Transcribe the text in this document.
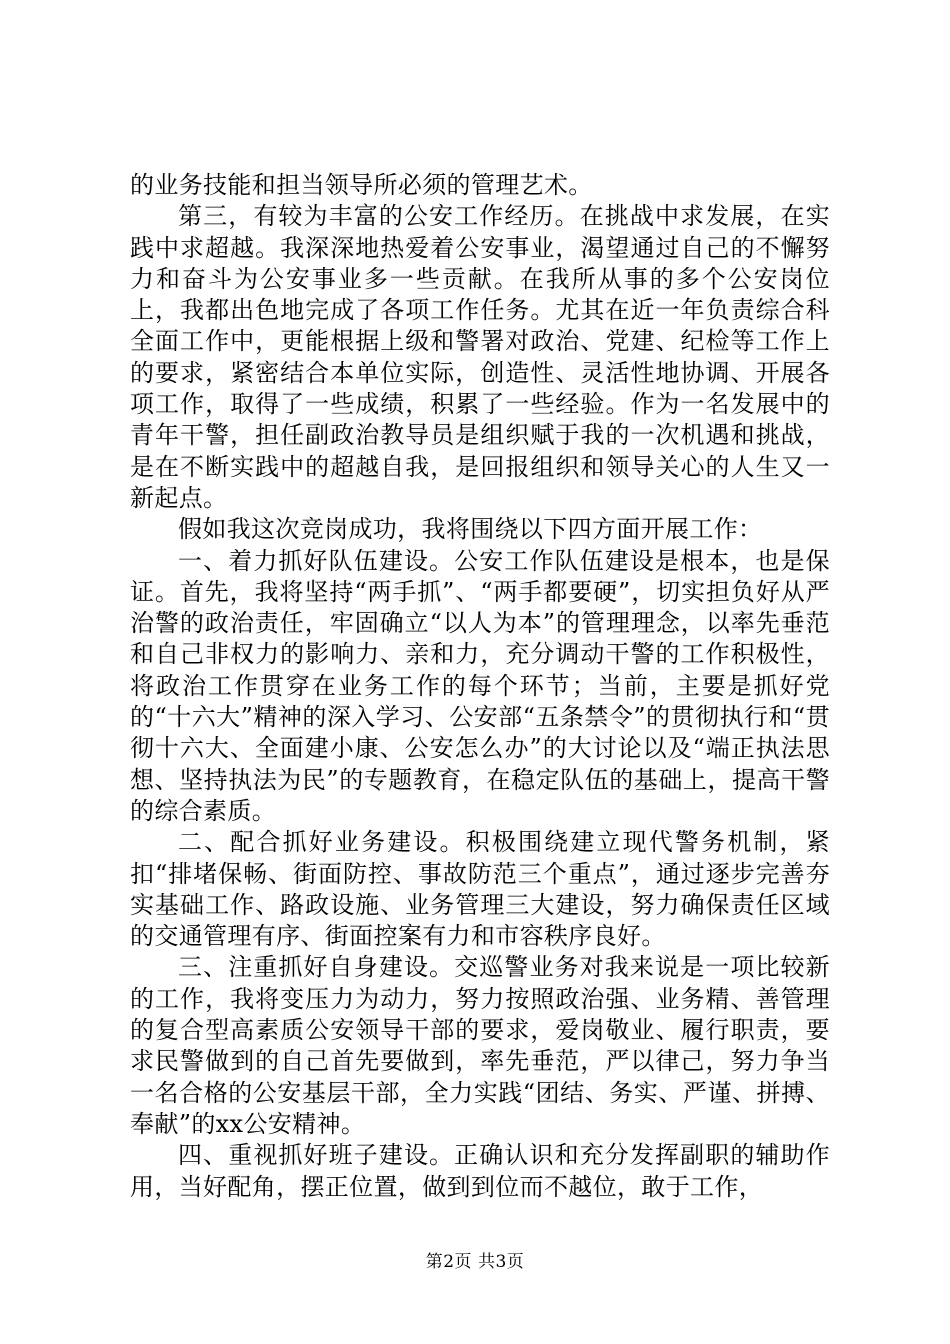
的业务技能和担当领导所必须的管理艺术。

第三，有较为丰富的公安工作经历。在挑战中求发展，在实践中求超越。我深深地热爱着公安事业，渴望通过自己的不懈努力和奋斗为公安事业多一些贡献。在我所从事的多个公安岗位上，我都出色地完成了各项工作任务。尤其在近一年负责综合科全面工作中，更能根据上级和警署对政治、党建、纪检等工作上的要求，紧密结合本单位实际，创造性、灵活性地协调、开展各项工作，取得了一些成绩，积累了一些经验。作为一名发展中的青年干警，担任副政治教导员是组织赋于我的一次机遇和挑战，是在不断实践中的超越自我，是回报组织和领导关心的人生又一新起点。

假如我这次竞岗成功，我将围绕以下四方面开展工作：

一、着力抓好队伍建设。公安工作队伍建设是根本，也是保证。首先，我将坚持“两手抓”、“两手都要硬”，切实担负好从严治警的政治责任，牢固确立“以人为本”的管理理念，以率先垂范和自己非权力的影响力、亲和力，充分调动干警的工作积极性，将政治工作贯穿在业务工作的每个环节；当前，主要是抓好党的“十六大”精神的深入学习、公安部“五条禁令”的贯彻执行和“贯彻十六大、全面建小康、公安怎么办”的大讨论以及“端正执法思想、坚持执法为民”的专题教育，在稳定队伍的基础上，提高干警的综合素质。

二、配合抓好业务建设。积极围绕建立现代警务机制，紧扣“排堵保畅、街面防控、事故防范三个重点”，通过逐步完善夯实基础工作、路政设施、业务管理三大建设，努力确保责任区域的交通管理有序、街面控案有力和市容秩序良好。

三、注重抓好自身建设。交巡警业务对我来说是一项比较新的工作，我将变压力为动力，努力按照政治强、业务精、善管理的复合型高素质公安领导干部的要求，爱岗敬业、履行职责，要求民警做到的自己首先要做到，率先垂范，严以律己，努力争当一名合格的公安基层干部，全力实践“团结、务实、严谨、拼搏、奉献”的xx公安精神。

四、重视抓好班子建设。正确认识和充分发挥副职的辅助作用，当好配角，摆正位置，做到到位而不越位，敢于工作，

第2页 共3页
